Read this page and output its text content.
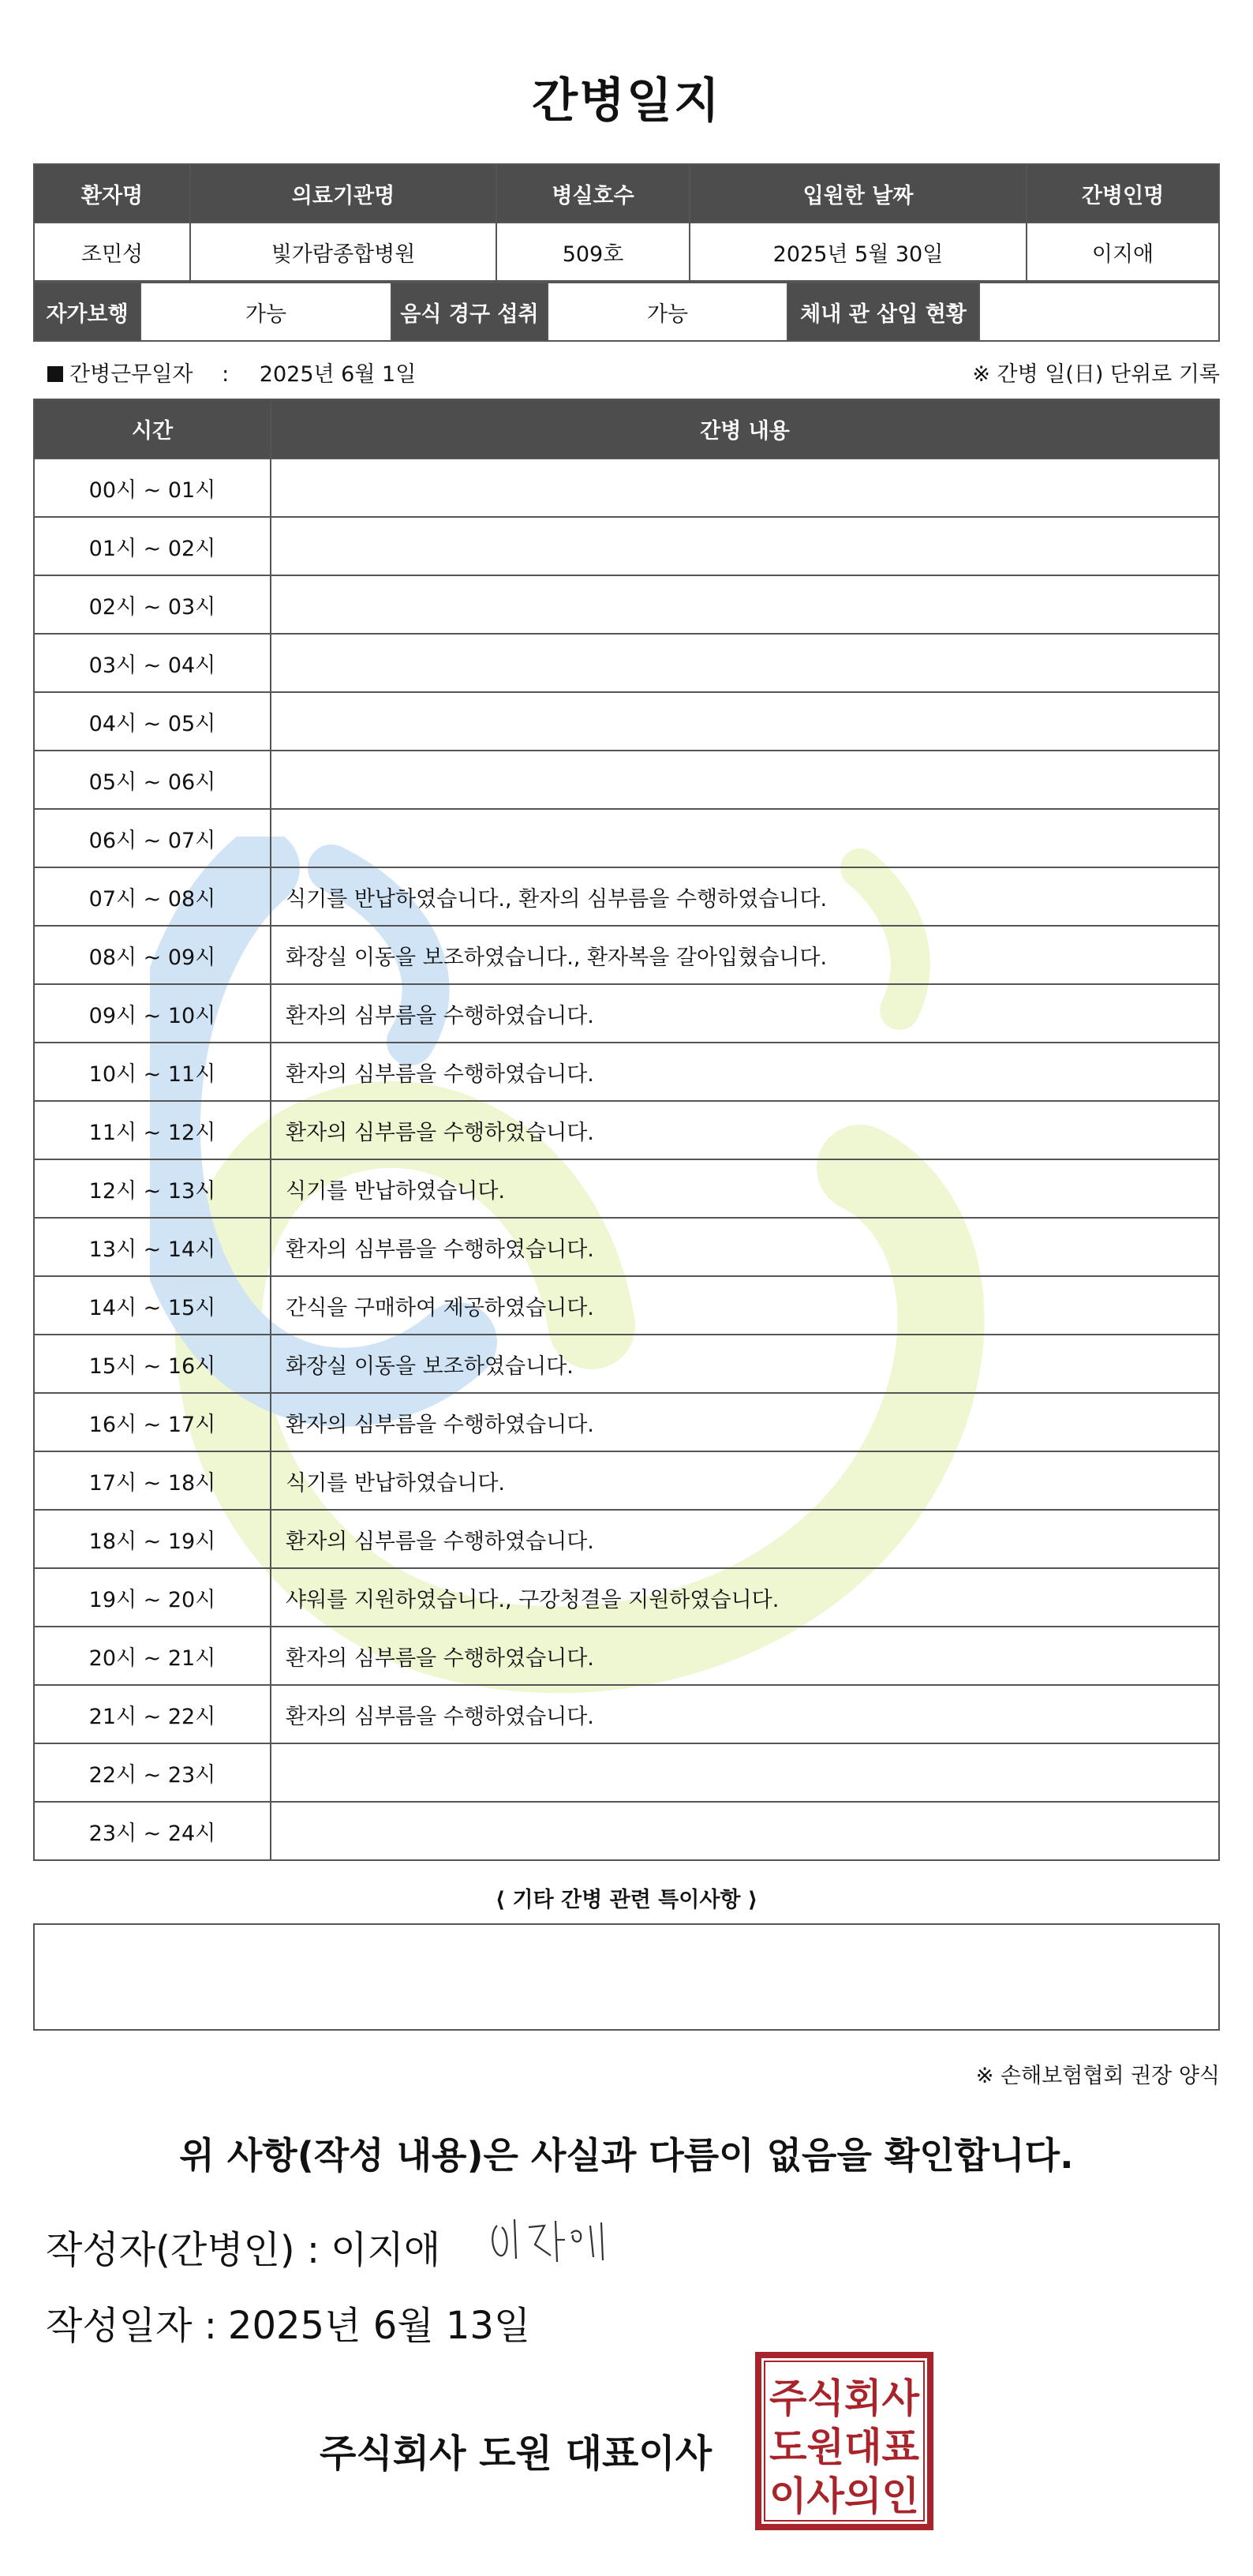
간병일지
환자명	의료기관명	병실호수	입원한 날짜	간병인명
조민성	빛가람종합병원	509호	2025년 5월 30일	이지애
자가보행	가능	음식 경구 섭취	가능	체내 관 삽입 현황	
간병근무일자 : 2025년 6월 1일	※ 간병 일(日) 단위로 기록
시간	간병 내용
00시 ~ 01시	
01시 ~ 02시	
02시 ~ 03시	
03시 ~ 04시	
04시 ~ 05시	
05시 ~ 06시	
06시 ~ 07시	
07시 ~ 08시	식기를 반납하였습니다., 환자의 심부름을 수행하였습니다.
08시 ~ 09시	화장실 이동을 보조하였습니다., 환자복을 갈아입혔습니다.
09시 ~ 10시	환자의 심부름을 수행하였습니다.
10시 ~ 11시	환자의 심부름을 수행하였습니다.
11시 ~ 12시	환자의 심부름을 수행하였습니다.
12시 ~ 13시	식기를 반납하였습니다.
13시 ~ 14시	환자의 심부름을 수행하였습니다.
14시 ~ 15시	간식을 구매하여 제공하였습니다.
15시 ~ 16시	화장실 이동을 보조하였습니다.
16시 ~ 17시	환자의 심부름을 수행하였습니다.
17시 ~ 18시	식기를 반납하였습니다.
18시 ~ 19시	환자의 심부름을 수행하였습니다.
19시 ~ 20시	샤워를 지원하였습니다., 구강청결을 지원하였습니다.
20시 ~ 21시	환자의 심부름을 수행하였습니다.
21시 ~ 22시	환자의 심부름을 수행하였습니다.
22시 ~ 23시	
23시 ~ 24시	
⟨ 기타 간병 관련 특이사항 ⟩
※ 손해보험협회 권장 양식
위 사항(작성 내용)은 사실과 다름이 없음을 확인합니다.
작성자(간병인) : 이지애
작성일자 : 2025년 6월 13일
주식회사 도원 대표이사
주식회사
도원대표
이사의인
